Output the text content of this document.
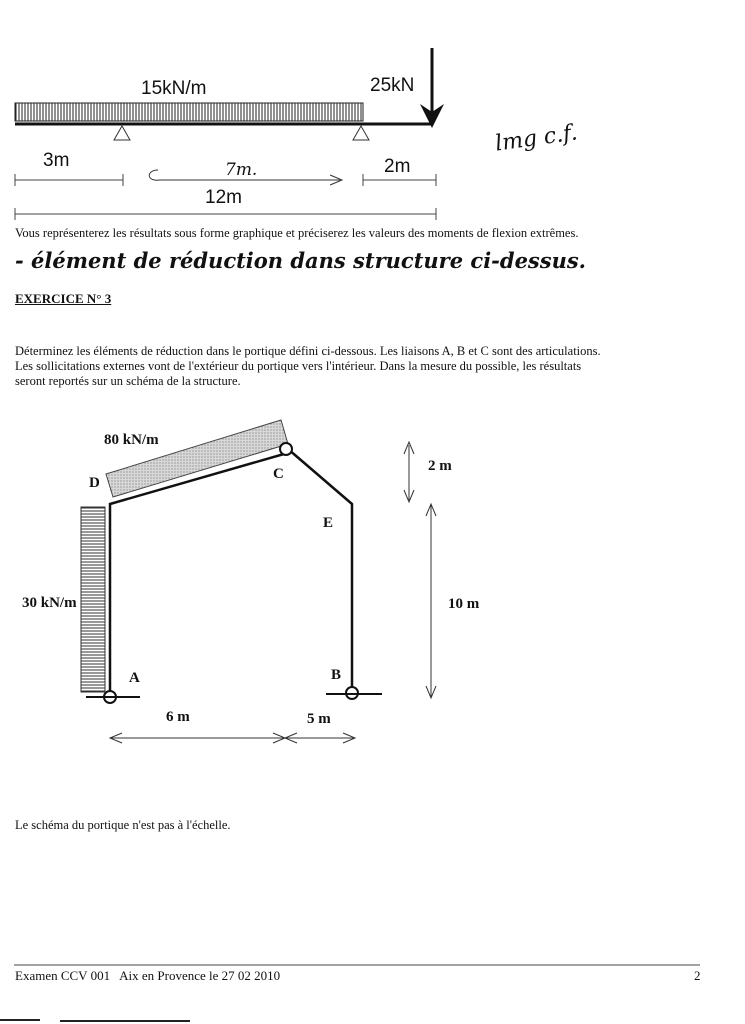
15kN/m	25kN
3m	7m.	2m
12m
lmg c.f.
Vous représenterez les résultats sous forme graphique et préciserez les valeurs des moments de flexion extrêmes.
- élément de réduction dans structure ci-dessus.
EXERCICE N° 3
Déterminez les éléments de réduction dans le portique défini ci-dessous. Les liaisons A, B et C sont des articulations.
Les sollicitations externes vont de l'extérieur du portique vers l'intérieur. Dans la mesure du possible, les résultats
seront reportés sur un schéma de la structure.
80 kN/m
30 kN/m
D
C
E
A	B
2 m
10 m
6 m	5 m
Le schéma du portique n'est pas à l'échelle.
Examen CCV 001   Aix en Provence le 27 02 2010	2
